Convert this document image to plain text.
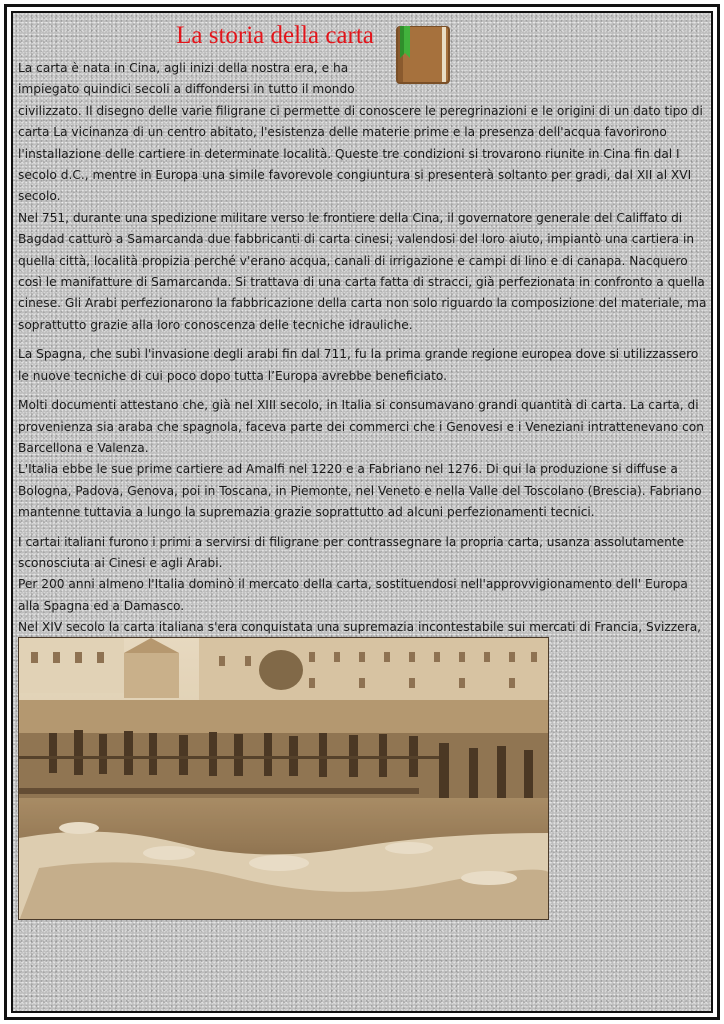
La storia della carta

La carta è nata in Cina, agli inizi della nostra era, e ha
impiegato quindici secoli a diffondersi in tutto il mondo
civilizzato. Il disegno delle varie filigrane ci permette di conoscere le peregrinazioni e le origini di un dato tipo di carta La vicinanza di un centro abitato, l'esistenza delle materie prime e la presenza dell'acqua favorirono l'installazione delle cartiere in determinate località. Queste tre condizioni si trovarono riunite in Cina fin dal I secolo d.C., mentre in Europa una simile favorevole congiuntura si presenterà soltanto per gradi, dal XII al XVI secolo.
Nel 751, durante una spedizione militare verso le frontiere della Cina, il governatore generale del Califfato di Bagdad catturò a Samarcanda due fabbricanti di carta cinesi; valendosi del loro aiuto, impiantò una cartiera in quella città, località propizia perché v'erano acqua, canali di irrigazione e campi di lino e di canapa. Nacquero così le manifatture di Samarcanda. Si trattava di una carta fatta di stracci, già perfezionata in confronto a quella cinese. Gli Arabi perfezionarono la fabbricazione della carta non solo riguardo la composizione del materiale, ma soprattutto grazie alla loro conoscenza delle tecniche idrauliche.

La Spagna, che subì l'invasione degli arabi fin dal 711, fu la prima grande regione europea dove si utilizzassero le nuove tecniche di cui poco dopo tutta l’Europa avrebbe beneficiato.

Molti documenti attestano che, già nel XIII secolo, in Italia si consumavano grandi quantità di carta. La carta, di provenienza sia araba che spagnola, faceva parte dei commerci che i Genovesi e i Veneziani intrattenevano con Barcellona e Valenza.
L'Italia ebbe le sue prime cartiere ad Amalfi nel 1220 e a Fabriano nel 1276. Di qui la produzione si diffuse a Bologna, Padova, Genova, poi in Toscana, in Piemonte, nel Veneto e nella Valle del Toscolano (Brescia). Fabriano mantenne tuttavia a lungo la supremazia grazie soprattutto ad alcuni perfezionamenti tecnici.

I cartai italiani furono i primi a servirsi di filigrane per contrassegnare la propria carta, usanza assolutamente sconosciuta ai Cinesi e agli Arabi.
Per 200 anni almeno l'Italia dominò il mercato della carta, sostituendosi nell'approvvigionamento dell' Europa alla Spagna ed a Damasco.
Nel XIV secolo la carta italiana s'era conquistata una supremazia incontestabile sui mercati di Francia, Svizzera,
